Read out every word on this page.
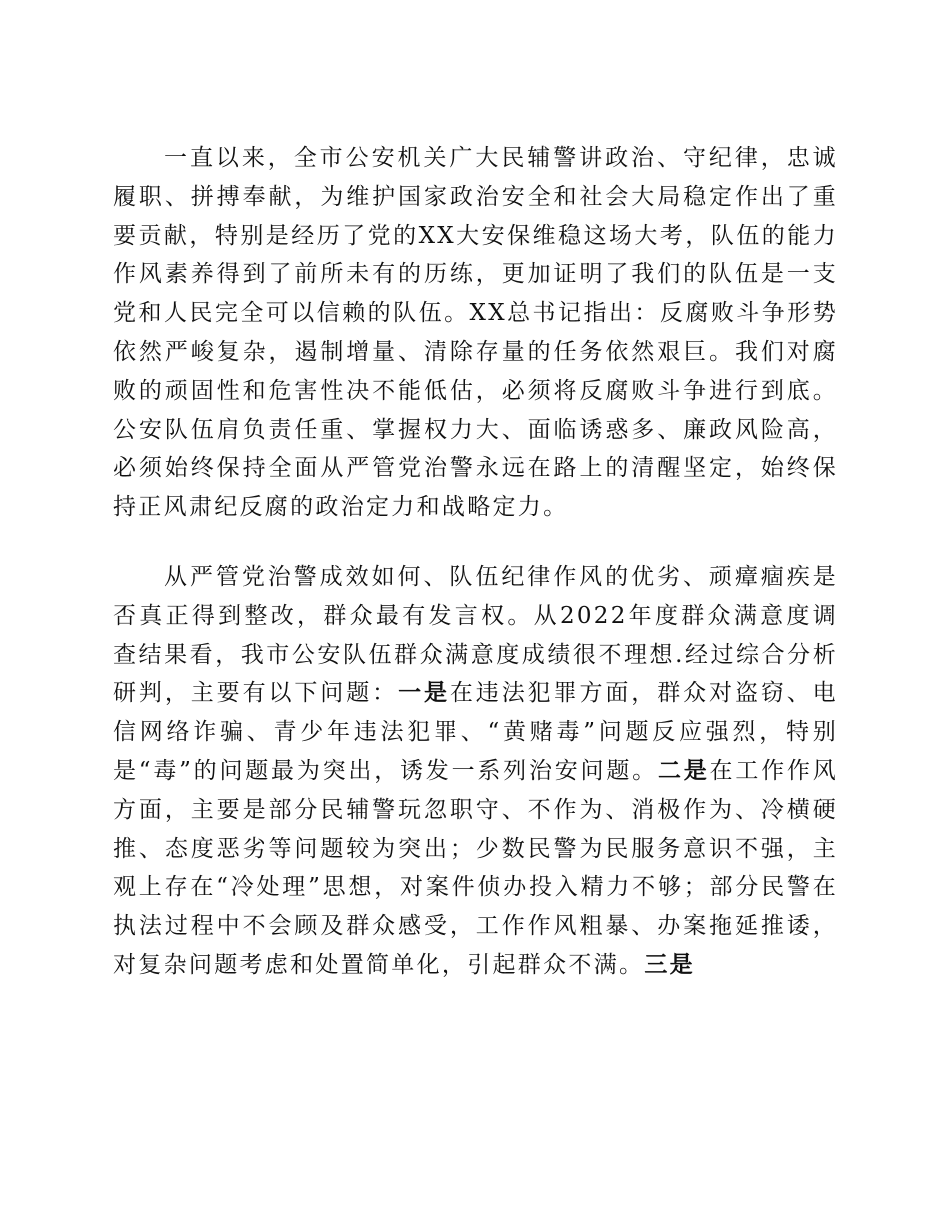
一直以来，全市公安机关广大民辅警讲政治、守纪律，忠诚履职、拼搏奉献，为维护国家政治安全和社会大局稳定作出了重要贡献，特别是经历了党的XX大安保维稳这场大考，队伍的能力作风素养得到了前所未有的历练，更加证明了我们的队伍是一支党和人民完全可以信赖的队伍。XX总书记指出：反腐败斗争形势依然严峻复杂，遏制增量、清除存量的任务依然艰巨。我们对腐败的顽固性和危害性决不能低估，必须将反腐败斗争进行到底。公安队伍肩负责任重、掌握权力大、面临诱惑多、廉政风险高，必须始终保持全面从严管党治警永远在路上的清醒坚定，始终保持正风肃纪反腐的政治定力和战略定力。

从严管党治警成效如何、队伍纪律作风的优劣、顽瘴痼疾是否真正得到整改，群众最有发言权。从2022年度群众满意度调查结果看，我市公安队伍群众满意度成绩很不理想.经过综合分析研判，主要有以下问题：一是在违法犯罪方面，群众对盗窃、电信网络诈骗、青少年违法犯罪、“黄赌毒”问题反应强烈，特别是“毒”的问题最为突出，诱发一系列治安问题。二是在工作作风方面，主要是部分民辅警玩忽职守、不作为、消极作为、冷横硬推、态度恶劣等问题较为突出；少数民警为民服务意识不强，主观上存在“冷处理”思想，对案件侦办投入精力不够；部分民警在执法过程中不会顾及群众感受，工作作风粗暴、办案拖延推诿，对复杂问题考虑和处置简单化，引起群众不满。三是
